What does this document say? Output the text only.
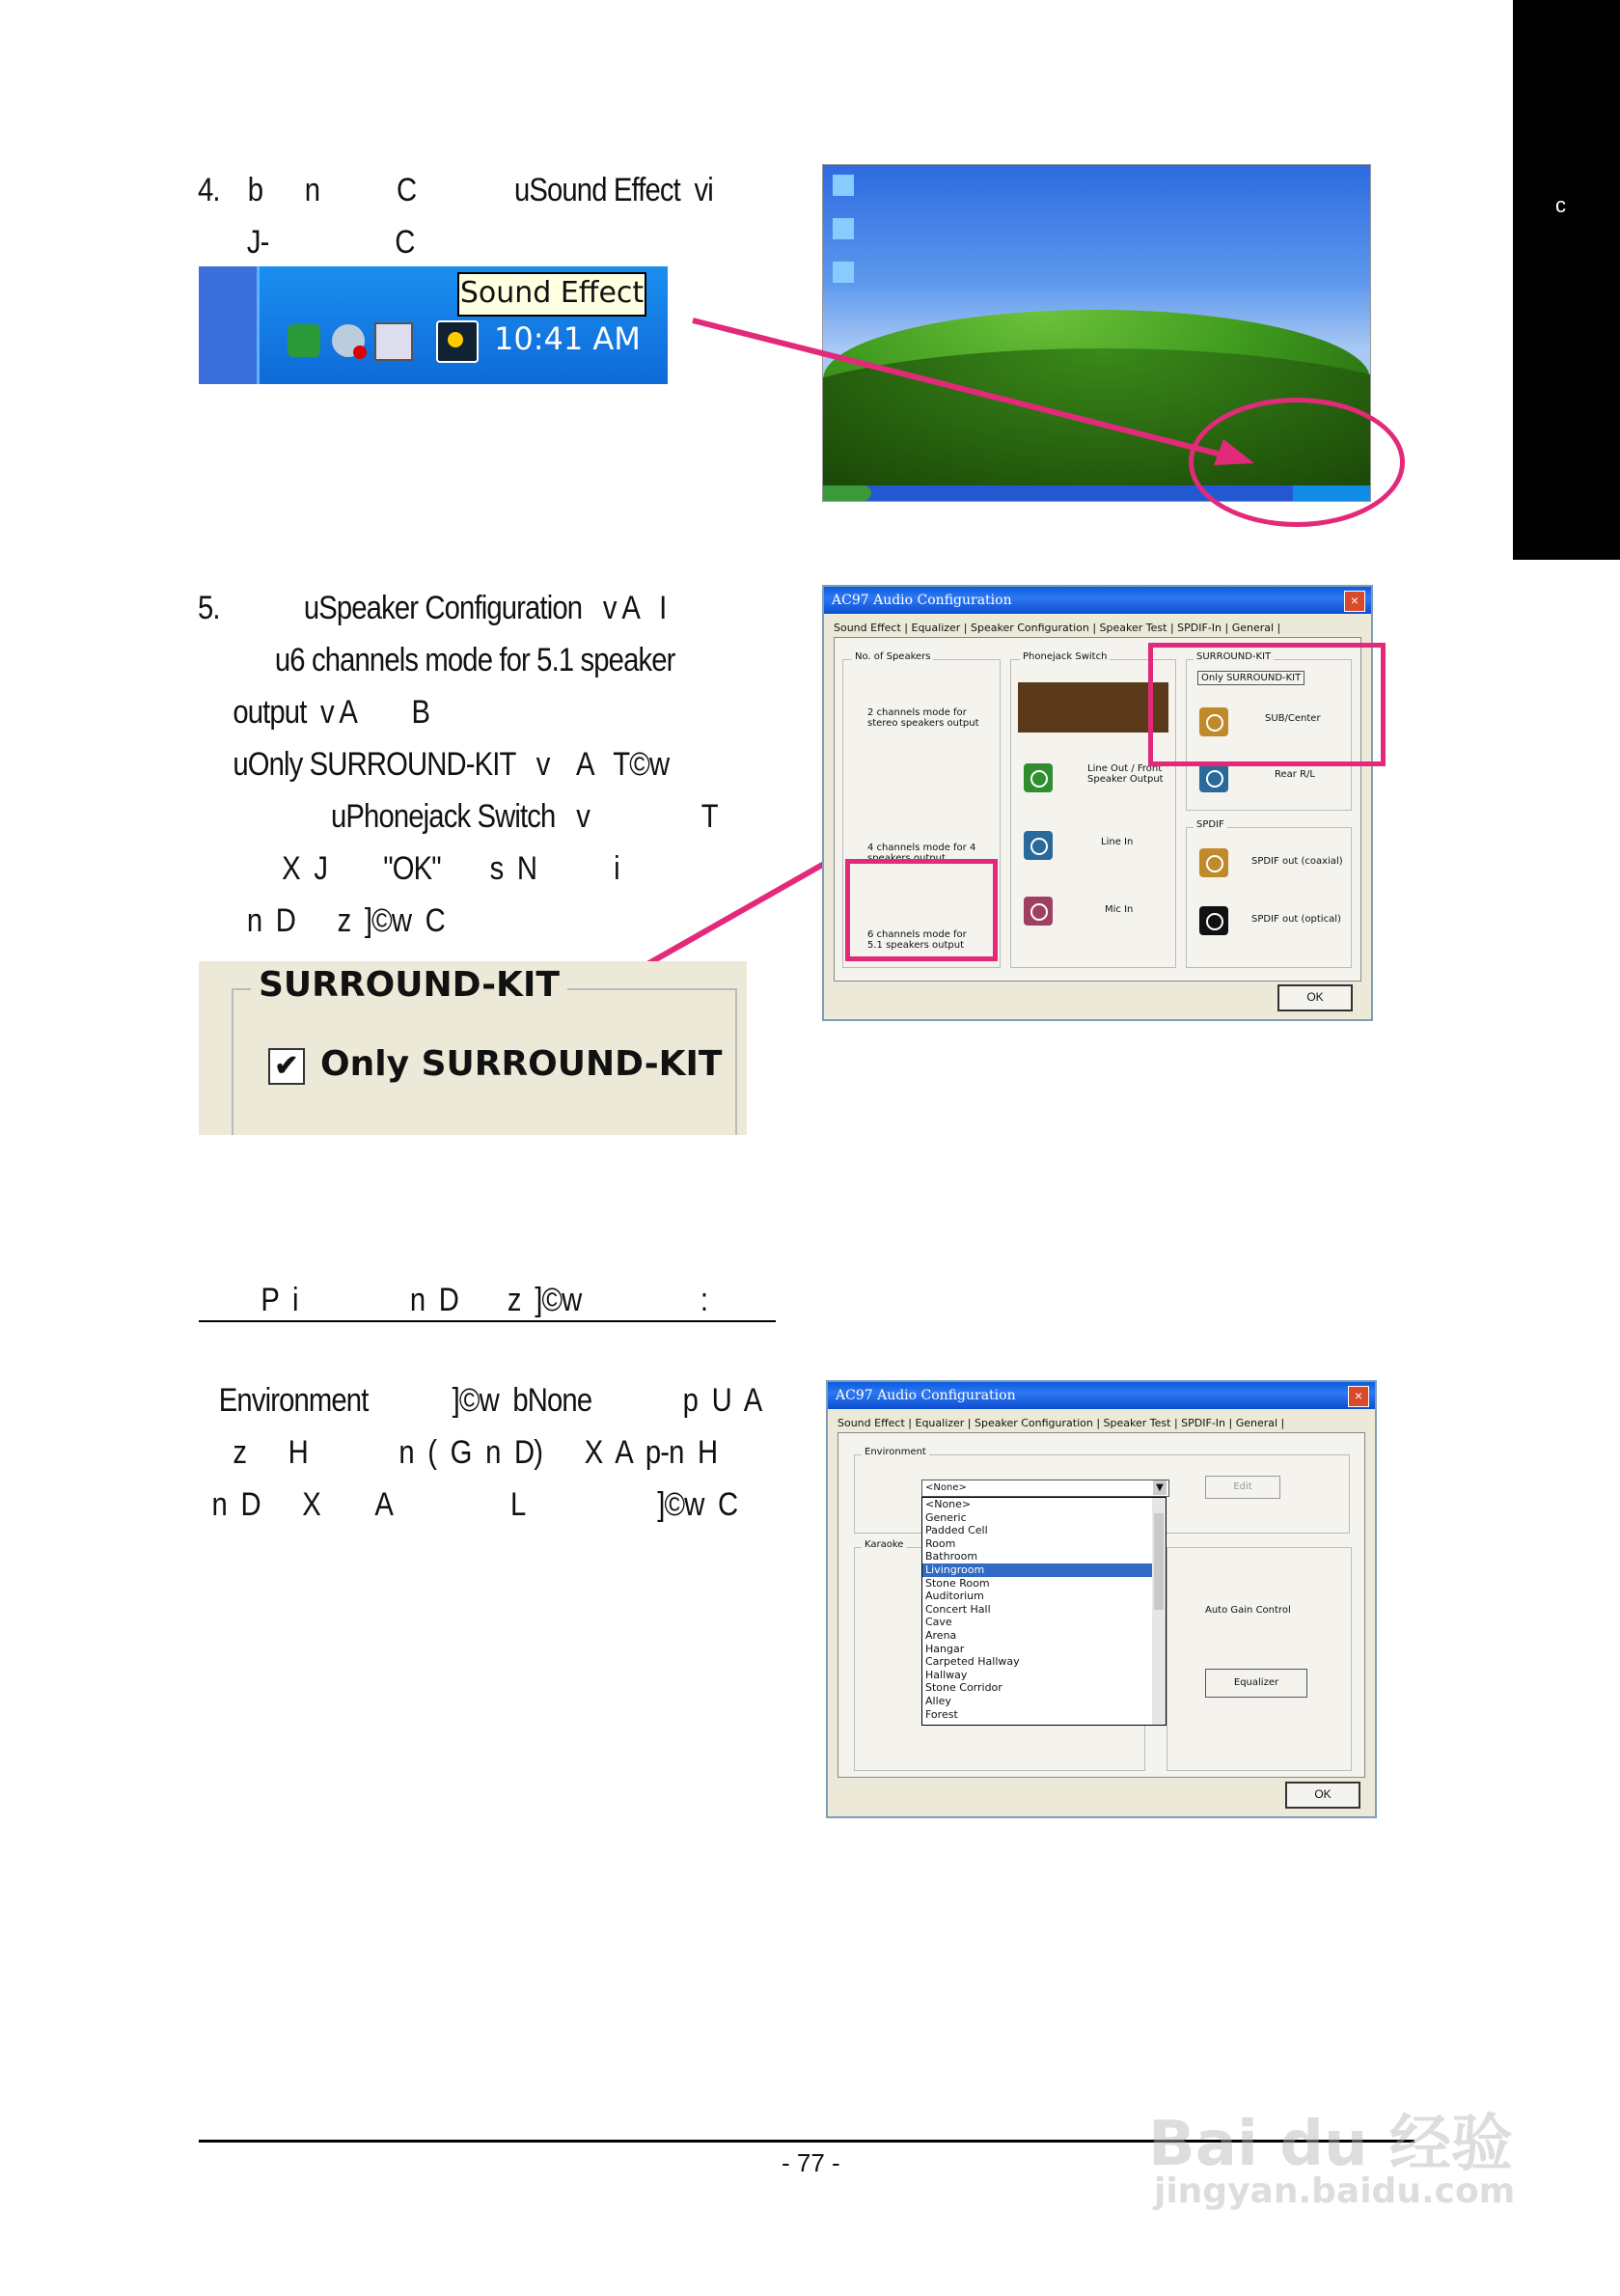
c
4.    b      n           C              uSound Effect  vi
J-                  C
Sound Effect
10:41 AM
5.            uSpeaker Configuration   v A   I
u6 channels mode for 5.1 speaker
output  v A        B
uOnly SURROUND-KIT   v    A   T©w
uPhonejack Switch   v                T
X  J        "OK"       s  N           i
n  D      z  ]©w  C
SURROUND-KIT
✔ Only SURROUND-KIT
AC97 Audio Configuration	×
Sound Effect | Equalizer | Speaker Configuration | Speaker Test | SPDIF-In | General |
No. of Speakers
2 channels mode for stereo speakers output
4 channels mode for 4 speakers output
6 channels mode for 5.1 speakers output
Phonejack Switch
Line Out / Front Speaker Output
Line In
Mic In
SURROUND-KIT
Only SURROUND-KIT
SUB/Center
Rear R/L
SPDIF
SPDIF out (coaxial)
SPDIF out (optical)
OK
P  i                n  D       z  ]©w                 :
Environment            ]©w  bNone             p  U  A
z      H             n  (  G  n  D)      X  A  p-n  H
n  D      X        A                 L                   ]©w  C
AC97 Audio Configuration	×
Sound Effect | Equalizer | Speaker Configuration | Speaker Test | SPDIF-In | General |
Environment
<None>	▼	Edit
Karaoke
Auto Gain Control
Equalizer
<None>
Generic
Padded Cell
Room
Bathroom
Livingroom
Stone Room
Auditorium
Concert Hall
Cave
Arena
Hangar
Carpeted Hallway
Hallway
Stone Corridor
Alley
Forest
OK
- 77 -	Bai du 经验
jingyan.baidu.com
